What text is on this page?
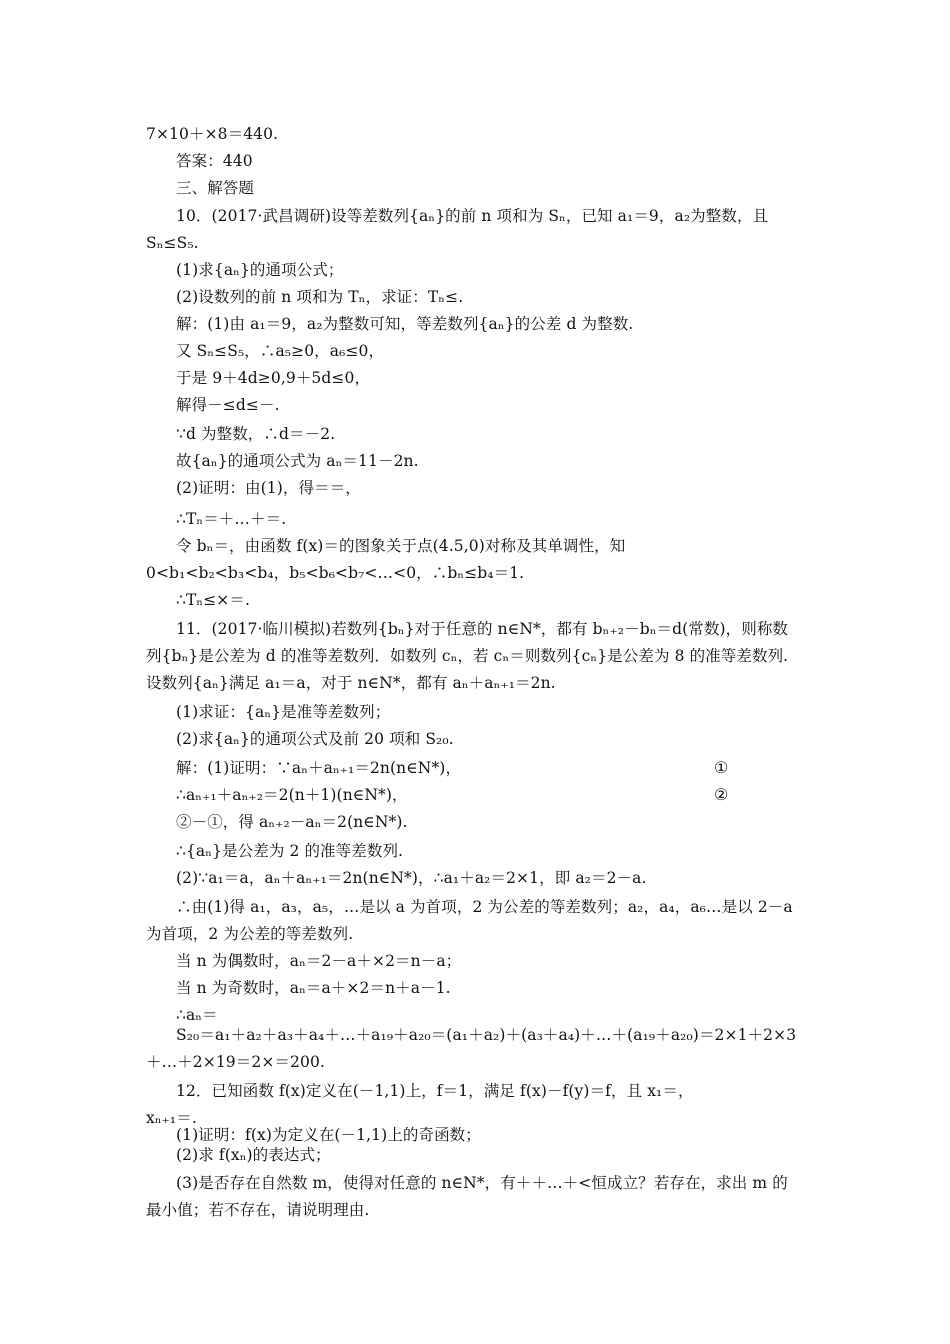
7×10＋×8＝440.
答案：440
三、解答题
10．(2017·武昌调研)设等差数列{aₙ}的前 n 项和为 Sₙ，已知 a₁＝9，a₂为整数，且
Sₙ≤S₅.
(1)求{aₙ}的通项公式；
(2)设数列的前 n 项和为 Tₙ，求证：Tₙ≤.
解：(1)由 a₁＝9，a₂为整数可知，等差数列{aₙ}的公差 d 为整数.
又 Sₙ≤S₅，∴a₅≥0，a₆≤0，
于是 9＋4d≥0,9＋5d≤0，
解得－≤d≤－.
∵d 为整数，∴d＝－2.
故{aₙ}的通项公式为 aₙ＝11－2n.
(2)证明：由(1)，得＝＝，
∴Tₙ＝＋…＋＝.
令 bₙ＝，由函数 f(x)＝的图象关于点(4.5,0)对称及其单调性，知
0<b₁<b₂<b₃<b₄，b₅<b₆<b₇<…<0，∴bₙ≤b₄＝1.
∴Tₙ≤×＝.
11．(2017·临川模拟)若数列{bₙ}对于任意的 n∈N*，都有 bₙ₊₂－bₙ＝d(常数)，则称数
列{bₙ}是公差为 d 的准等差数列．如数列 cₙ，若 cₙ＝则数列{cₙ}是公差为 8 的准等差数列.
设数列{aₙ}满足 a₁＝a，对于 n∈N*，都有 aₙ＋aₙ₊₁＝2n.
(1)求证：{aₙ}是准等差数列；
(2)求{aₙ}的通项公式及前 20 项和 S₂₀.
解：(1)证明：∵aₙ＋aₙ₊₁＝2n(n∈N*)，	①
∴aₙ₊₁＋aₙ₊₂＝2(n＋1)(n∈N*)，	②
②－①，得 aₙ₊₂－aₙ＝2(n∈N*).
∴{aₙ}是公差为 2 的准等差数列.
(2)∵a₁＝a，aₙ＋aₙ₊₁＝2n(n∈N*)，∴a₁＋a₂＝2×1，即 a₂＝2－a.
∴由(1)得 a₁，a₃，a₅，…是以 a 为首项，2 为公差的等差数列；a₂，a₄，a₆…是以 2－a
为首项，2 为公差的等差数列.
当 n 为偶数时，aₙ＝2－a＋×2＝n－a；
当 n 为奇数时，aₙ＝a＋×2＝n＋a－1.
∴aₙ＝
S₂₀＝a₁＋a₂＋a₃＋a₄＋…＋a₁₉＋a₂₀＝(a₁＋a₂)＋(a₃＋a₄)＋…＋(a₁₉＋a₂₀)＝2×1＋2×3
＋…＋2×19＝2×＝200.
12．已知函数 f(x)定义在(－1,1)上，f＝1，满足 f(x)－f(y)＝f，且 x₁＝，
xₙ₊₁＝.
(1)证明：f(x)为定义在(－1,1)上的奇函数；
(2)求 f(xₙ)的表达式；
(3)是否存在自然数 m，使得对任意的 n∈N*，有＋＋…＋<恒成立？若存在，求出 m 的
最小值；若不存在，请说明理由.
